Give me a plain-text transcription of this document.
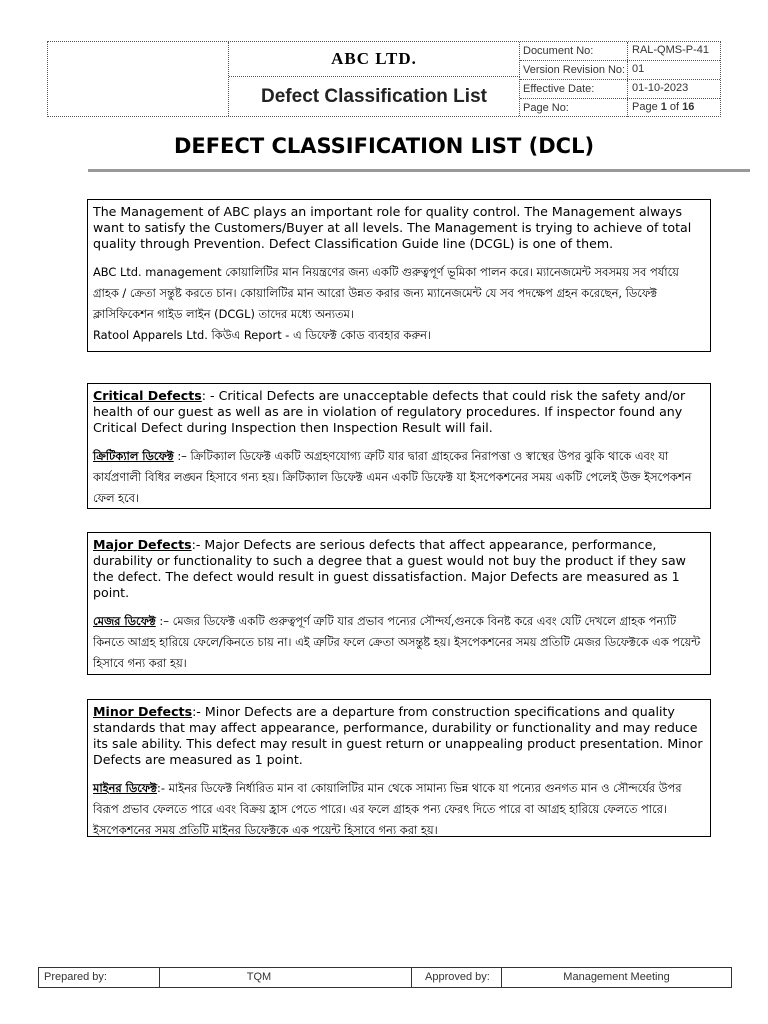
ABC LTD.
Defect Classification List
Document No:	RAL-QMS-P-41
Version Revision No: 01
Effective Date:	01-10-2023
Page No:	Page 1 of 16
DEFECT CLASSIFICATION LIST (DCL)

The Management of ABC plays an important role for quality control. The Management always want to satisfy the Customers/Buyer at all levels. The Management is trying to achieve of total quality through Prevention. Defect Classification Guide line (DCGL) is one of them.

ABC Ltd. management কোয়ালিটির মান নিয়ন্ত্রণের জন্য একটি গুরুত্বপূর্ণ ভূমিকা পালন করে। ম্যানেজমেন্ট সবসময় সব পর্যায়ে গ্রাহক / ক্রেতা সন্তুষ্ট করতে চান। কোয়ালিটির মান আরো উন্নত করার জন্য ম্যানেজমেন্ট যে সব পদক্ষেপ গ্রহন করেছেন, ডিফেক্ট ক্লাসিফিকেশন গাইড লাইন (DCGL) তাদের মধ্যে অন্যতম।

Ratool Apparels Ltd. কিউএ Report - এ ডিফেক্ট কোড ব্যবহার করুন।

Critical Defects: - Critical Defects are unacceptable defects that could risk the safety and/or health of our guest as well as are in violation of regulatory procedures. If inspector found any Critical Defect during Inspection then Inspection Result will fail.

ক্রিটিক্যাল ডিফেক্ট :– ক্রিটিক্যাল ডিফেক্ট একটি অগ্রহণযোগ্য ত্রুটি যার দ্বারা গ্রাহকের নিরাপত্তা ও স্বাস্থের উপর ঝুকি থাকে এবং যা কার্যপ্রণালী বিধির লঙ্ঘন হিসাবে গন্য হয়। ক্রিটিক্যাল ডিফেক্ট এমন একটি ডিফেক্ট যা ইসপেকশনের সময় একটি পেলেই উক্ত ইসপেকশন ফেল হবে।

Major Defects:- Major Defects are serious defects that affect appearance, performance, durability or functionality to such a degree that a guest would not buy the product if they saw the defect. The defect would result in guest dissatisfaction. Major Defects are measured as 1 point.

মেজর ডিফেক্ট :– মেজর ডিফেক্ট একটি গুরুত্বপূর্ণ ত্রুটি যার প্রভাব পন্যের সৌন্দর্য,গুনকে বিনষ্ট করে এবং যেটি দেখলে গ্রাহক পন্যটি কিনতে আগ্রহ হারিয়ে ফেলে/কিনতে চায় না। এই ত্রুটির ফলে ক্রেতা অসন্তুষ্ট হয়। ইসপেকশনের সময় প্রতিটি মেজর ডিফেক্টকে এক পয়েন্ট হিসাবে গন্য করা হয়।

Minor Defects:- Minor Defects are a departure from construction specifications and quality standards that may affect appearance, performance, durability or functionality and may reduce its sale ability. This defect may result in guest return or unappealing product presentation. Minor Defects are measured as 1 point.

মাইনর ডিফেক্ট:- মাইনর ডিফেক্ট নির্ধারিত মান বা কোয়ালিটির মান থেকে সামান্য ভিন্ন থাকে যা পন্যের গুনগত মান ও সৌন্দর্যের উপর বিরূপ প্রভাব ফেলতে পারে এবং বিক্রয় হ্রাস পেতে পারে। এর ফলে গ্রাহক পন্য ফেরৎ দিতে পারে বা আগ্রহ হারিয়ে ফেলতে পারে। ইসপেকশনের সময় প্রতিটি মাইনর ডিফেক্টকে এক পয়েন্ট হিসাবে গন্য করা হয়।

Prepared by:	TQM	Approved by:	Management Meeting
